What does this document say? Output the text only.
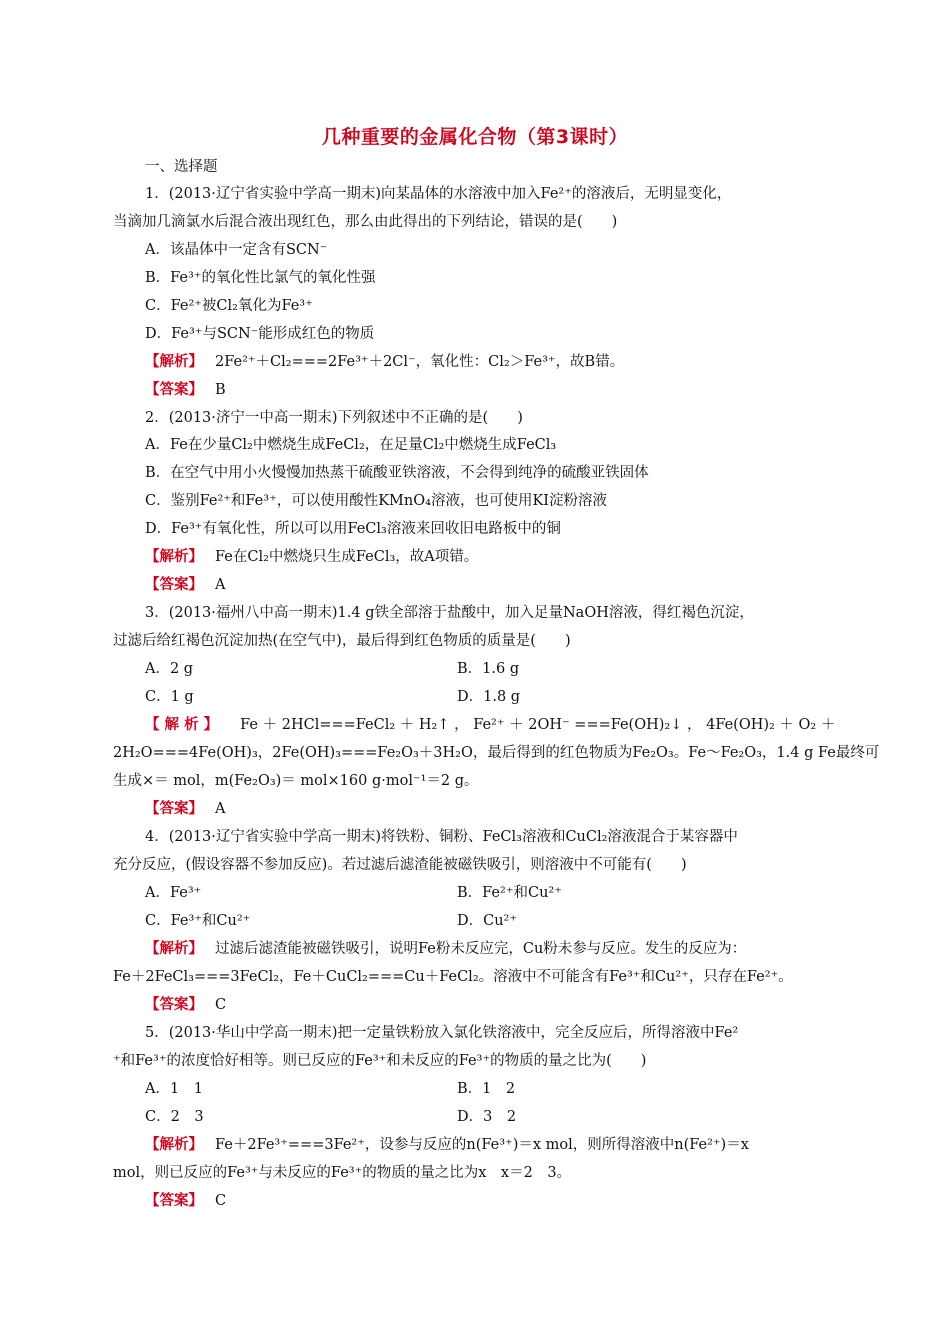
几种重要的金属化合物（第3课时）
一、选择题
1．(2013·辽宁省实验中学高一期末)向某晶体的水溶液中加入Fe²⁺的溶液后，无明显变化，
当滴加几滴氯水后混合液出现红色，那么由此得出的下列结论，错误的是(　　)
A．该晶体中一定含有SCN⁻
B．Fe³⁺的氧化性比氯气的氧化性强
C．Fe²⁺被Cl₂氧化为Fe³⁺
D．Fe³⁺与SCN⁻能形成红色的物质
【解析】 2Fe²⁺＋Cl₂===2Fe³⁺＋2Cl⁻，氧化性：Cl₂＞Fe³⁺，故B错。
【答案】 B
2．(2013·济宁一中高一期末)下列叙述中不正确的是(　　)
A．Fe在少量Cl₂中燃烧生成FeCl₂，在足量Cl₂中燃烧生成FeCl₃
B．在空气中用小火慢慢加热蒸干硫酸亚铁溶液，不会得到纯净的硫酸亚铁固体
C．鉴别Fe²⁺和Fe³⁺，可以使用酸性KMnO₄溶液，也可使用KI淀粉溶液
D．Fe³⁺有氧化性，所以可以用FeCl₃溶液来回收旧电路板中的铜
【解析】 Fe在Cl₂中燃烧只生成FeCl₃，故A项错。
【答案】 A
3．(2013·福州八中高一期末)1.4 g铁全部溶于盐酸中，加入足量NaOH溶液，得红褐色沉淀，
过滤后给红褐色沉淀加热(在空气中)，最后得到红色物质的质量是(　　)
A．2 g	B．1.6 g
C．1 g	D．1.8 g
【 解 析 】 Fe ＋ 2HCl===FeCl₂ ＋ H₂↑ ， Fe²⁺ ＋ 2OH⁻ ===Fe(OH)₂↓ ， 4Fe(OH)₂ ＋ O₂ ＋
2H₂O===4Fe(OH)₃，2Fe(OH)₃===Fe₂O₃＋3H₂O，最后得到的红色物质为Fe₂O₃。Fe～Fe₂O₃，1.4 g Fe最终可
生成×＝ mol，m(Fe₂O₃)＝ mol×160 g·mol⁻¹＝2 g。
【答案】 A
4．(2013·辽宁省实验中学高一期末)将铁粉、铜粉、FeCl₃溶液和CuCl₂溶液混合于某容器中
充分反应，(假设容器不参加反应)。若过滤后滤渣能被磁铁吸引，则溶液中不可能有(　　)
A．Fe³⁺	B．Fe²⁺和Cu²⁺
C．Fe³⁺和Cu²⁺	D．Cu²⁺
【解析】 过滤后滤渣能被磁铁吸引，说明Fe粉未反应完，Cu粉未参与反应。发生的反应为：
Fe＋2FeCl₃===3FeCl₂，Fe＋CuCl₂===Cu＋FeCl₂。溶液中不可能含有Fe³⁺和Cu²⁺，只存在Fe²⁺。
【答案】 C
5．(2013·华山中学高一期末)把一定量铁粉放入氯化铁溶液中，完全反应后，所得溶液中Fe²
⁺和Fe³⁺的浓度恰好相等。则已反应的Fe³⁺和未反应的Fe³⁺的物质的量之比为(　　)
A．1　1	B．1　2
C．2　3	D．3　2
【解析】 Fe＋2Fe³⁺===3Fe²⁺，设参与反应的n(Fe³⁺)＝x mol，则所得溶液中n(Fe²⁺)＝x
mol，则已反应的Fe³⁺与未反应的Fe³⁺的物质的量之比为x　x＝2　3。
【答案】 C
